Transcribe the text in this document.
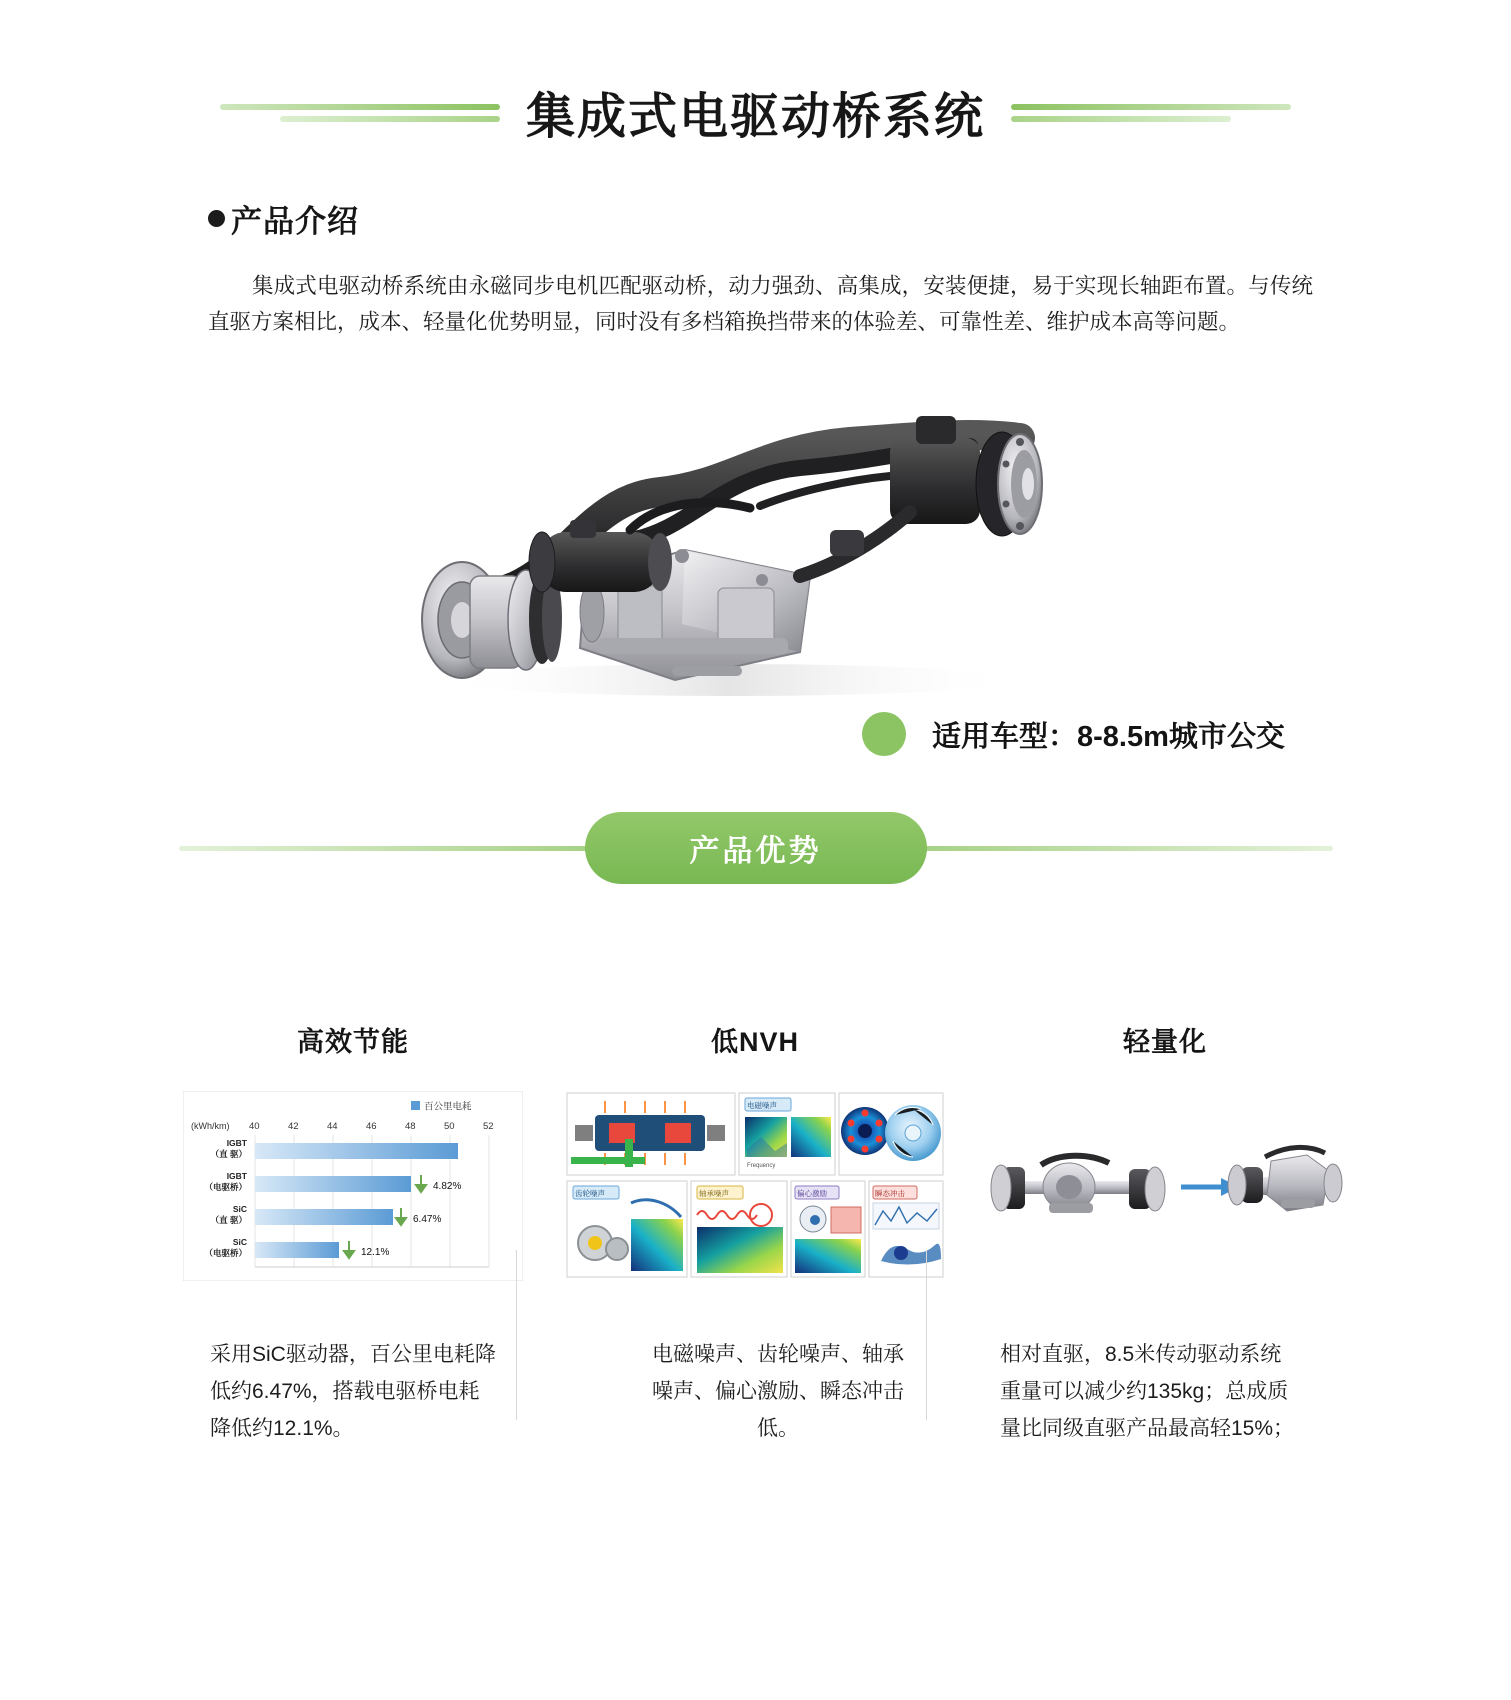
集成式电驱动桥系统
产品介绍
集成式电驱动桥系统由永磁同步电机匹配驱动桥，动力强劲、高集成，安装便捷，易于实现长轴距布置。与传统直驱方案相比，成本、轻量化优势明显，同时没有多档箱换挡带来的体验差、可靠性差、维护成本高等问题。
适用车型：8-8.5m城市公交
产品优势
高效节能
百公里电耗
(kWh/km) 40	42	44	46	48	50	52
IGBT
（直 驱）
IGBT
（电驱桥）
SiC
（直 驱）
SiC
（电驱桥）
4.82%
6.47%
12.1%
低NVH
电磁噪声
Frequency
齿轮噪声	轴承噪声	偏心激励	瞬态冲击
轻量化
采用SiC驱动器，百公里电耗降低约6.47%，搭载电驱桥电耗降低约12.1%。
电磁噪声、齿轮噪声、轴承噪声、偏心激励、瞬态冲击低。
相对直驱，8.5米传动驱动系统重量可以减少约135kg；总成质量比同级直驱产品最高轻15%；
